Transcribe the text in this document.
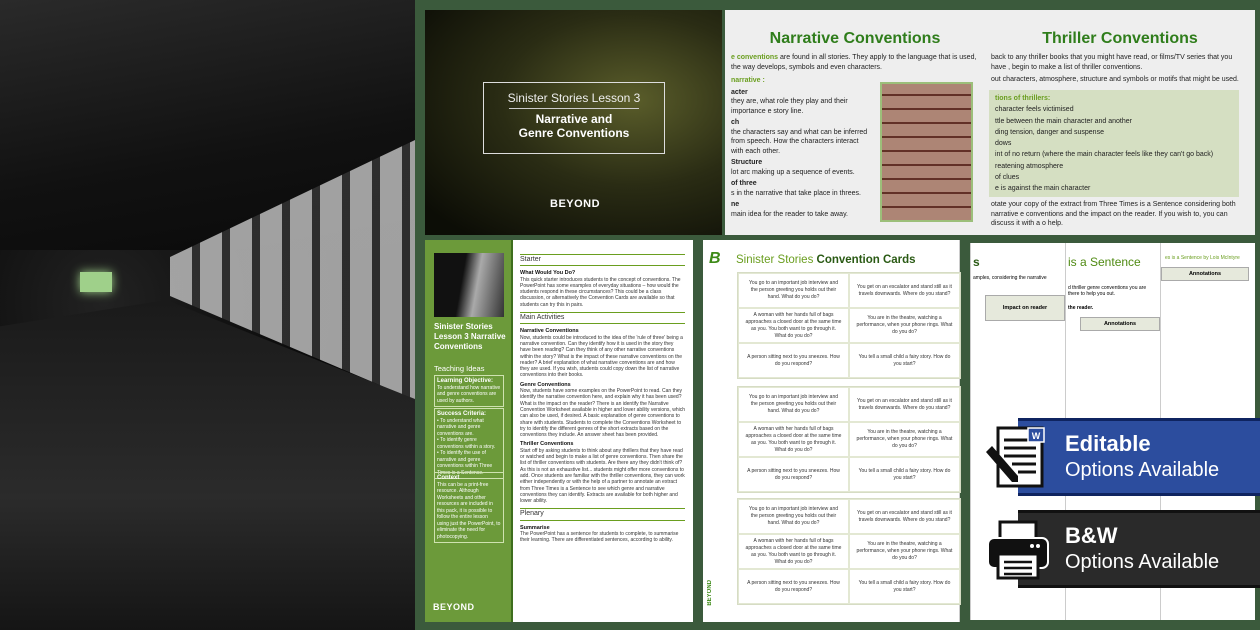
Sinister Stories Lesson 3
Narrative and
Genre Conventions
BEYOND
Narrative Conventions
e conventions are found in all stories. They apply to the language that is used, the way develops, symbols and even characters.
narrative :
acter
they are, what role they play and their importance e story line.
ch
the characters say and what can be inferred from speech. How the characters interact with each other.
Structure
lot arc making up a sequence of events.
of three
s in the narrative that take place in threes.
ne
main idea for the reader to take away.
Thriller Conventions
back to any thriller books that you might have read, or films/TV series that you have , begin to make a list of thriller conventions.
out characters, atmosphere, structure and symbols or motifs that might be used.
tions of thrillers:
character feels victimised
ttle between the main character and another
ding tension, danger and suspense
dows
int of no return (where the main character feels like they can't go back)
reatening atmosphere
of clues
e is against the main character
otate your copy of the extract from Three Times is a Sentence considering both narrative e conventions and the impact on the reader. If you wish to, you can discuss it with a o help.
Sinister Stories Lesson 3 Narrative Conventions
Teaching Ideas
Learning Objective:
To understand how narrative and genre conventions are used by authors.
Success Criteria:
• To understand what narrative and genre conventions are.
• To identify genre conventions within a story.
• To identify the use of narrative and genre conventions within Three Times is a Sentence.
Context
This can be a print-free resource. Although Worksheets and other resources are included in this pack, it is possible to follow the entire lesson using just the PowerPoint, to eliminate the need for photocopying.
BEYOND
Starter
What Would You Do?
This quick starter introduces students to the concept of conventions. The PowerPoint has some examples of everyday situations – how would the students respond in these circumstances? This could be a class discussion, or alternatively the Convention Cards are available so that students can try this in pairs.
Main Activities
Narrative Conventions
Now, students could be introduced to the idea of the 'rule of three' being a narrative convention. Can they identify how it is used in the story they have been reading? Can they think of any other narrative conventions within the story? What is the impact of these narrative conventions on the reader? A brief explanation of what narrative conventions are and how they are used. If you wish, students could copy down the list of narrative conventions into their books.
Genre Conventions
Now, students have some examples on the PowerPoint to read. Can they identify the narrative convention here, and explain why it has been used? What is the impact on the reader? There is an identify the Narrative Convention Worksheet available in higher and lower ability versions, which can also be used, if desired. A basic explanation of genre conventions to share with students. Students to complete the Conventions Worksheet to try to identify the different genres of the short extracts based on the conventions they include. An answer sheet has been provided.
Thriller Conventions
Start off by asking students to think about any thrillers that they have read or watched and begin to make a list of genre conventions. Then share the list of thriller conventions with students. Are there any they didn't think of? As this is not an exhaustive list... students might offer more conventions to add. Once students are familiar with the thriller conventions, they can work either independently or with the help of a partner to annotate an extract from Three Times is a Sentence to see which genre and narrative conventions they can identify. Extracts are available for both higher and lower ability.
Plenary
Summarise
The PowerPoint has a sentence for students to complete, to summarise their learning. There are differentiated sentences, according to ability.
es is a Sentence by Lois McIntyre
Annotations
is a Sentence
d thriller genre conventions you are there to help you out.
the reader.
Annotations
s
amples, considering the narrative
Impact on reader
B Sinister Stories Convention Cards
You go to an important job interview and the person greeting you holds out their hand. What do you do?
You get on an escalator and stand still as it travels downwards. Where do you stand?
A woman with her hands full of bags approaches a closed door at the same time as you. You both want to go through it. What do you do?
You are in the theatre, watching a performance, when your phone rings. What do you do?
A person sitting next to you sneezes. How do you respond?
You tell a small child a fairy story. How do you start?
You go to an important job interview and the person greeting you holds out their hand. What do you do?
You get on an escalator and stand still as it travels downwards. Where do you stand?
A woman with her hands full of bags approaches a closed door at the same time as you. You both want to go through it. What do you do?
You are in the theatre, watching a performance, when your phone rings. What do you do?
A person sitting next to you sneezes. How do you respond?
You tell a small child a fairy story. How do you start?
You go to an important job interview and the person greeting you holds out their hand. What do you do?
You get on an escalator and stand still as it travels downwards. Where do you stand?
A woman with her hands full of bags approaches a closed door at the same time as you. You both want to go through it. What do you do?
You are in the theatre, watching a performance, when your phone rings. What do you do?
A person sitting next to you sneezes. How do you respond?
You tell a small child a fairy story. How do you start?
BEYOND
W Editable
Options Available
B&W
Options Available
